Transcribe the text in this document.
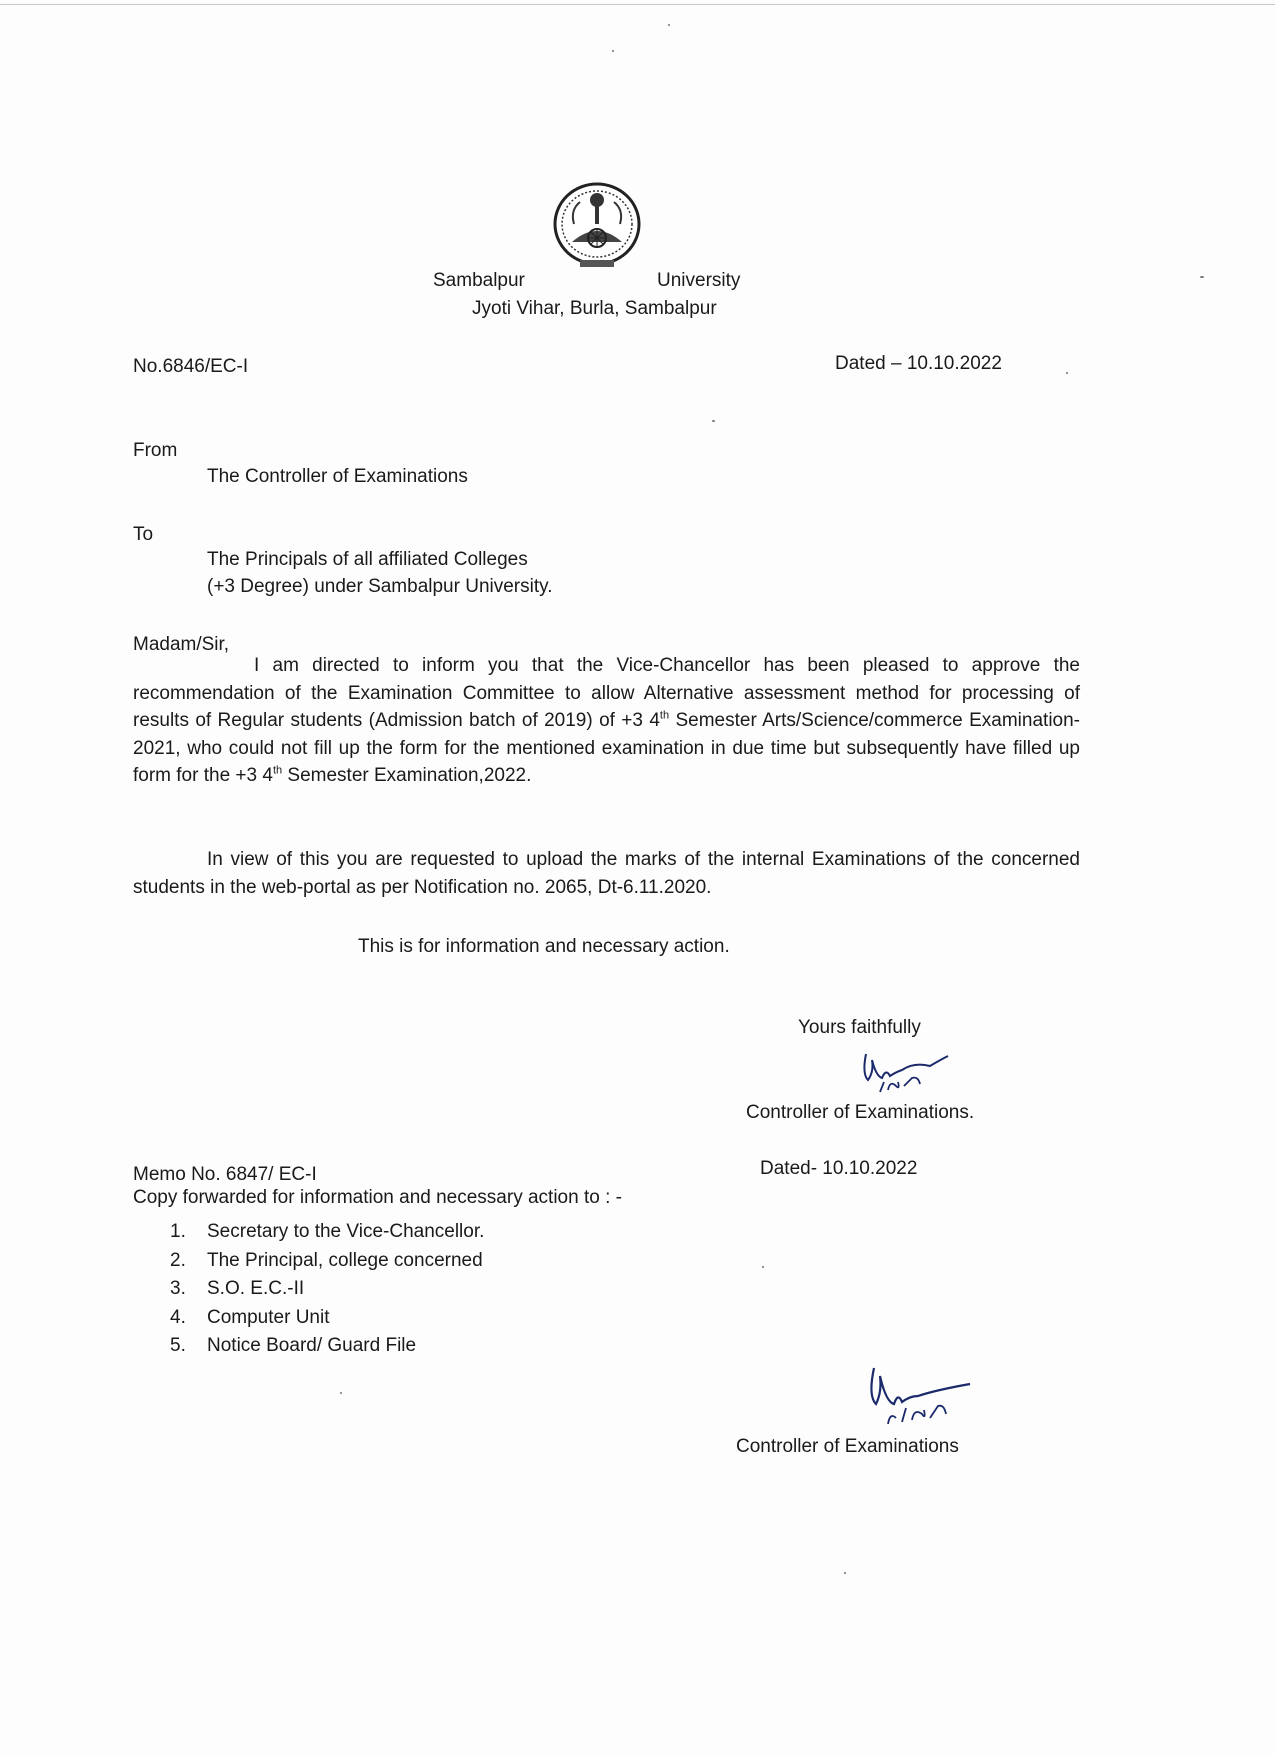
Sambalpur	University
Jyoti Vihar, Burla, Sambalpur
No.6846/EC-I	Dated – 10.10.2022
From
The Controller of Examinations
To
The Principals of all affiliated Colleges
(+3 Degree) under Sambalpur University.
Madam/Sir,
I am directed to inform you that the Vice-Chancellor has been pleased to approve the recommendation of the Examination Committee to allow Alternative assessment method for processing of results of Regular students (Admission batch of 2019) of +3 4th Semester Arts/Science/commerce Examination-2021, who could not fill up the form for the mentioned examination in due time but subsequently have filled up form for the +3 4th Semester Examination,2022.
In view of this you are requested to upload the marks of the internal Examinations of the concerned students in the web-portal as per Notification no. 2065, Dt-6.11.2020.
This is for information and necessary action.
Yours faithfully
Controller of Examinations.
Memo No. 6847/ EC-I	Dated- 10.10.2022
Copy forwarded for information and necessary action to : -
1. Secretary to the Vice-Chancellor.
2. The Principal, college concerned
3. S.O. E.C.-II
4. Computer Unit
5. Notice Board/ Guard File
Controller of Examinations
